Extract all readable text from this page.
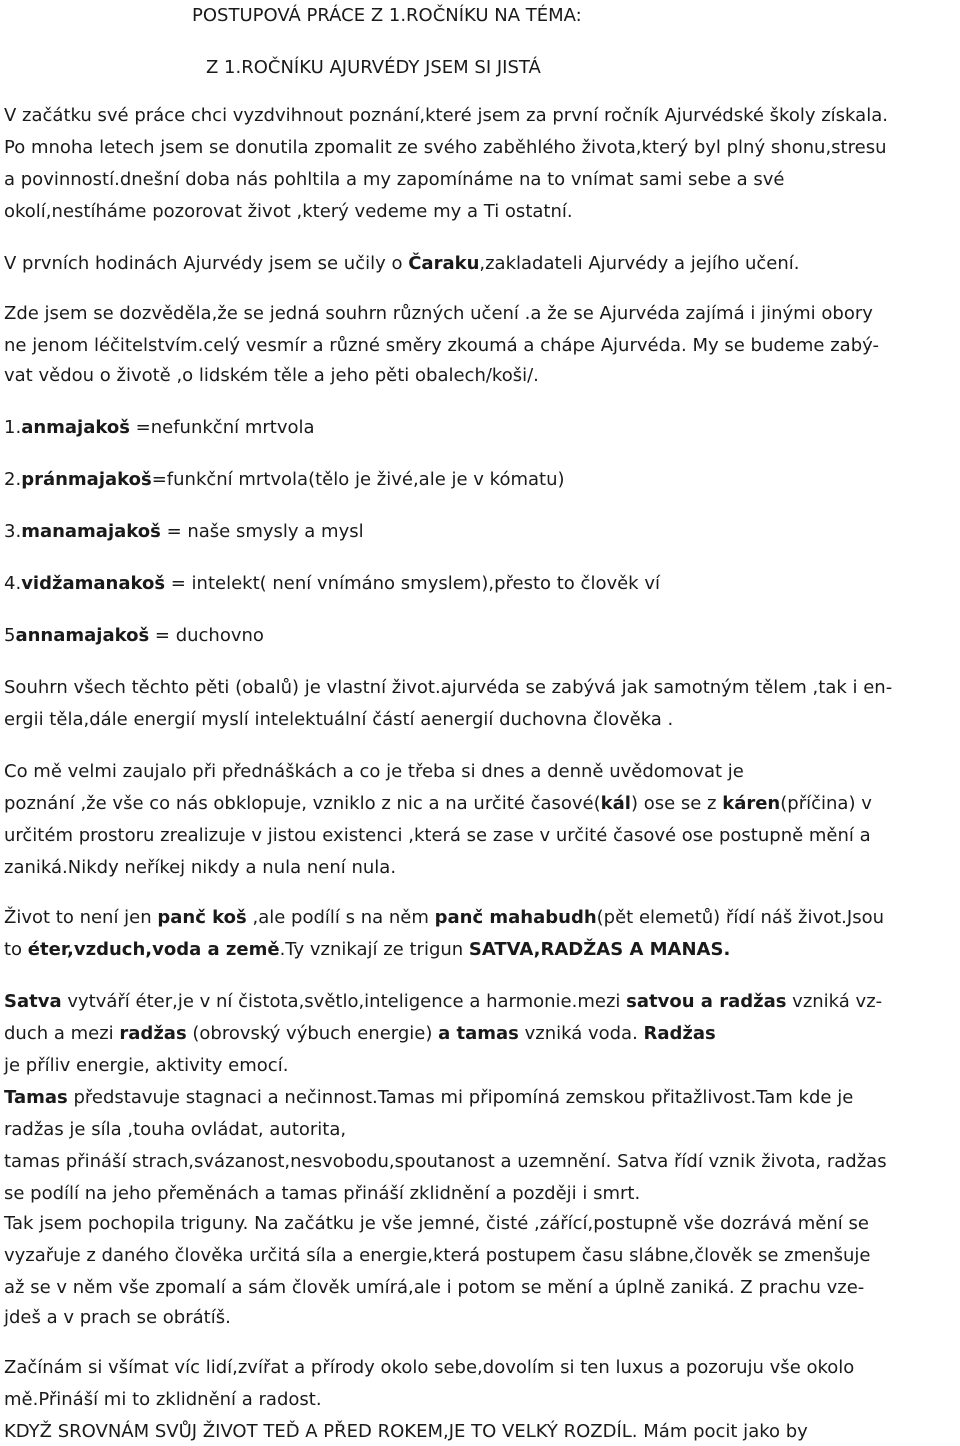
POSTUPOVÁ PRÁCE Z 1.ROČNÍKU NA TÉMA:

Z 1.ROČNÍKU AJURVÉDY JSEM SI JISTÁ

V začátku své práce chci vyzdvihnout poznání,které jsem za první ročník Ajurvédské školy získala.

Po mnoha letech jsem se donutila zpomalit ze svého zaběhlého života,který byl plný shonu,stresu

a povinností.dnešní doba nás pohltila a my zapomínáme na to vnímat sami sebe a své

okolí,nestíháme pozorovat život ,který vedeme my a Ti ostatní.

V prvních hodinách Ajurvédy jsem se učily o Čaraku,zakladateli Ajurvédy a jejího učení.

Zde jsem se dozvěděla,že se jedná souhrn různých učení .a že se Ajurvéda zajímá i jinými obory

ne jenom léčitelstvím.celý vesmír a různé směry zkoumá a chápe Ajurvéda. My se budeme zabý-

vat vědou o životě ,o lidském těle a jeho pěti obalech/koši/.

1.anmajakoš =nefunkční mrtvola

2.pránmajakoš=funkční mrtvola(tělo je živé,ale je v kómatu)

3.manamajakoš = naše smysly a mysl

4.vidžamanakoš = intelekt( není vnímáno smyslem),přesto to člověk ví

5annamajakoš = duchovno

Souhrn všech těchto pěti (obalů) je vlastní život.ajurvéda se zabývá jak samotným tělem ,tak i en-

ergii těla,dále energií myslí intelektuální částí aenergií duchovna člověka .

Co mě velmi zaujalo při přednáškách a co je třeba si dnes a denně uvědomovat je

poznání ,že vše co nás obklopuje, vzniklo z nic a na určité časové(kál) ose se z káren(příčina) v

určitém prostoru zrealizuje v jistou existenci ,která se zase v určité časové ose postupně mění a

zaniká.Nikdy neříkej nikdy a nula není nula.

Život to není jen panč koš ,ale podílí s na něm panč mahabudh(pět elemetů) řídí náš život.Jsou

to éter,vzduch,voda a země.Ty vznikají ze trigun SATVA,RADŽAS A MANAS.

Satva vytváří éter,je v ní čistota,světlo,inteligence a harmonie.mezi satvou a radžas vzniká vz-

duch a mezi radžas (obrovský výbuch energie) a tamas vzniká voda. Radžas

je příliv energie, aktivity emocí.

Tamas představuje stagnaci a nečinnost.Tamas mi připomíná zemskou přitažlivost.Tam kde je

radžas je síla ,touha ovládat, autorita,

tamas přináší strach,svázanost,nesvobodu,spoutanost a uzemnění. Satva řídí vznik života, radžas

se podílí na jeho přeměnách a tamas přináší zklidnění a později i smrt.

Tak jsem pochopila triguny. Na začátku je vše jemné, čisté ,zářící,postupně vše dozrává mění se

vyzařuje z daného člověka určitá síla a energie,která postupem času slábne,člověk se zmenšuje

až se v něm vše zpomalí a sám člověk umírá,ale i potom se mění a úplně zaniká. Z prachu vze-

jdeš a v prach se obrátíš.

Začínám si všímat víc lidí,zvířat a přírody okolo sebe,dovolím si ten luxus a pozoruju vše okolo

mě.Přináší mi to zklidnění a radost.

KDYŽ SROVNÁM SVŮJ ŽIVOT TEĎ A PŘED ROKEM,JE TO VELKÝ ROZDÍL. Mám pocit jako by
